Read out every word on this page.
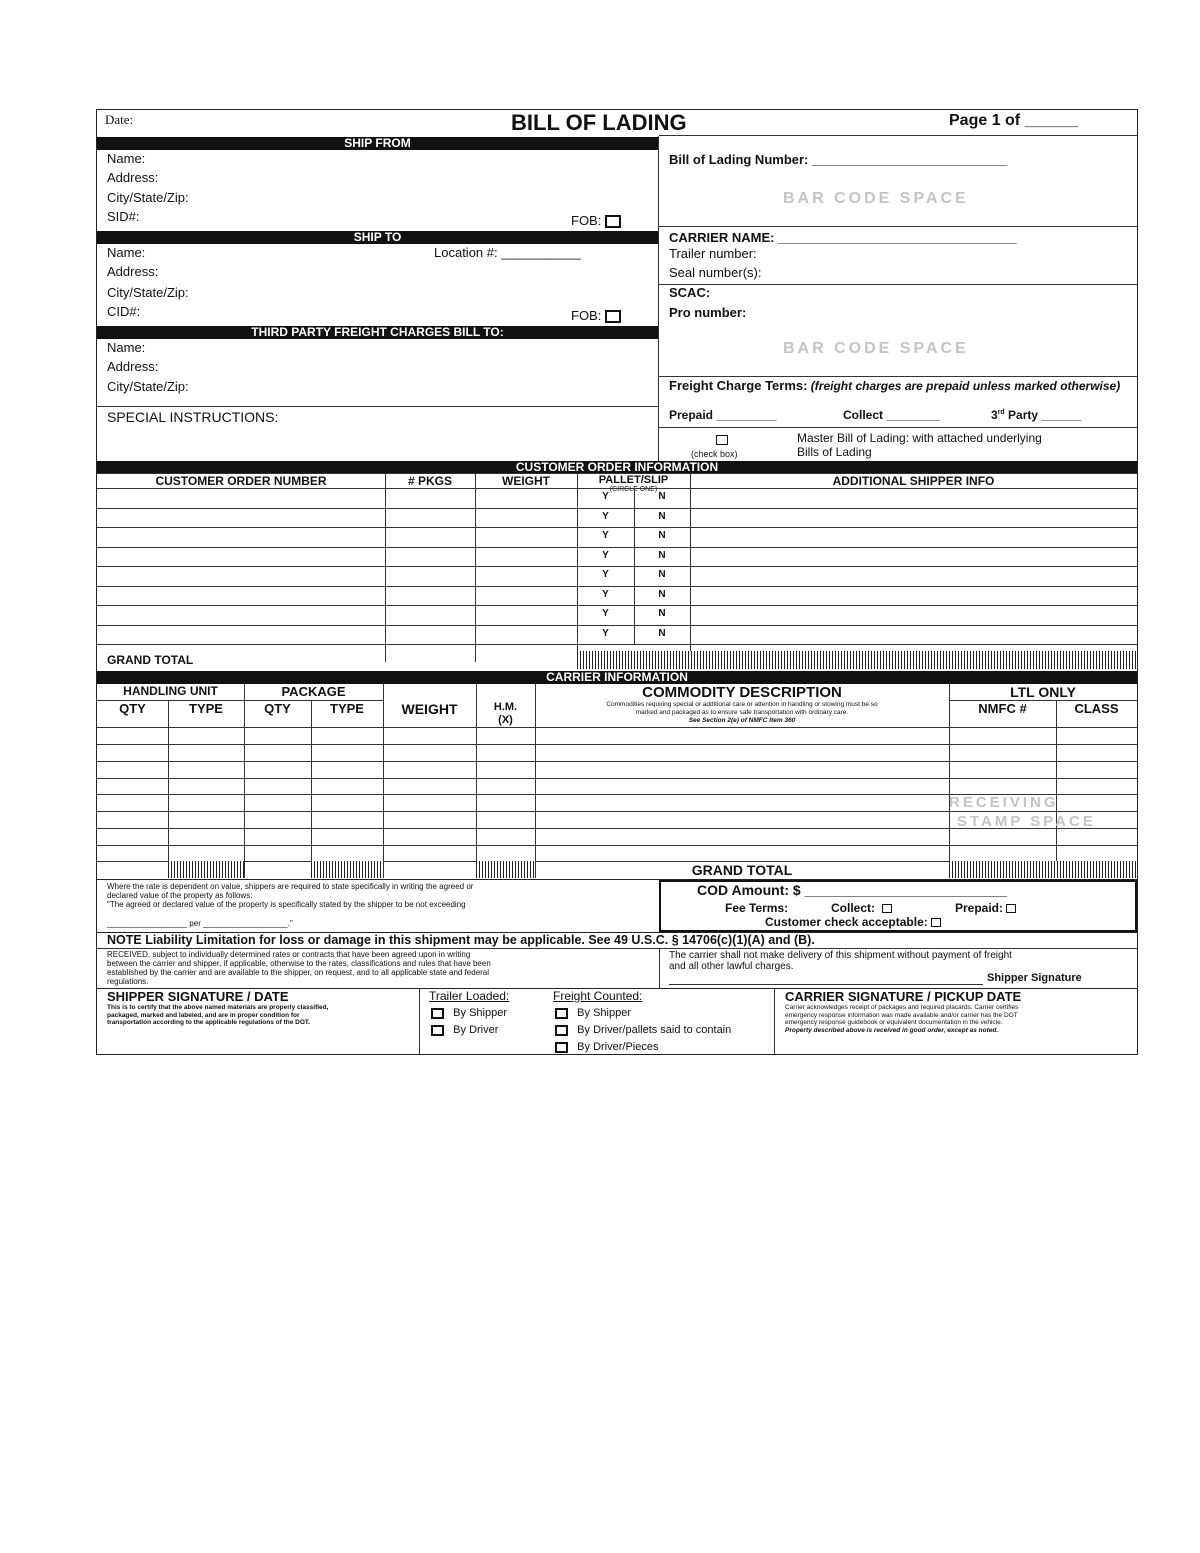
Date:	BILL OF LADING	Page 1 of ______
SHIP FROM
Name:
Address:
City/State/Zip:
SID#:	FOB:
SHIP TO
Name:	Location #: ___________
Address:
City/State/Zip:
CID#:	FOB:
THIRD PARTY FREIGHT CHARGES BILL TO:
Name:
Address:
City/State/Zip:
SPECIAL INSTRUCTIONS:
Bill of Lading Number: ___________________________
BAR CODE SPACE
CARRIER NAME: _________________________________
Trailer number:
Seal number(s):
SCAC:
Pro number:
BAR CODE SPACE
Freight Charge Terms: (freight charges are prepaid unless marked otherwise)
Prepaid _________	Collect ________	3rd Party ______
(check box)
Master Bill of Lading: with attached underlying
Bills of Lading
CUSTOMER ORDER INFORMATION
CUSTOMER ORDER NUMBER	# PKGS	WEIGHT	PALLET/SLIP
(CIRCLE ONE)
ADDITIONAL SHIPPER INFO
Y	N
Y	N
Y	N
Y	N
Y	N
Y	N
Y	N
Y	N
GRAND TOTAL
CARRIER INFORMATION
HANDLING UNIT	PACKAGE
QTY	TYPE	QTY	TYPE	WEIGHT	H.M.
(X)
COMMODITY DESCRIPTION
Commodities requiring special or additional care or attention in handling or stowing must be so
marked and packaged as to ensure safe transportation with ordinary care.
See Section 2(e) of NMFC Item 360
LTL ONLY
NMFC #	CLASS
RECEIVING
STAMP SPACE
GRAND TOTAL
Where the rate is dependent on value, shippers are required to state specifically in writing the agreed or
declared value of the property as follows:
"The agreed or declared value of the property is specifically stated by the shipper to be not exceeding
__________________ per ___________________."
COD Amount: $ __________________________
Fee Terms:	Collect:	Prepaid:
Customer check acceptable:
NOTE Liability Limitation for loss or damage in this shipment may be applicable. See 49 U.S.C. § 14706(c)(1)(A) and (B).
RECEIVED, subject to individually determined rates or contracts that have been agreed upon in writing
between the carrier and shipper, if applicable, otherwise to the rates, classifications and rules that have been
established by the carrier and are available to the shipper, on request, and to all applicable state and federal
regulations.
The carrier shall not make delivery of this shipment without payment of freight
and all other lawful charges.
Shipper Signature
SHIPPER SIGNATURE / DATE
This is to certify that the above named materials are properly classified,
packaged, marked and labeled, and are in proper condition for
transportation according to the applicable regulations of the DOT.
Trailer Loaded:
By Shipper
By Driver
Freight Counted:
By Shipper
By Driver/pallets said to contain
By Driver/Pieces
CARRIER SIGNATURE / PICKUP DATE
Carrier acknowledges receipt of packages and required placards. Carrier certifies
emergency response information was made available and/or carrier has the DOT
emergency response guidebook or equivalent documentation in the vehicle.
Property described above is received in good order, except as noted.
